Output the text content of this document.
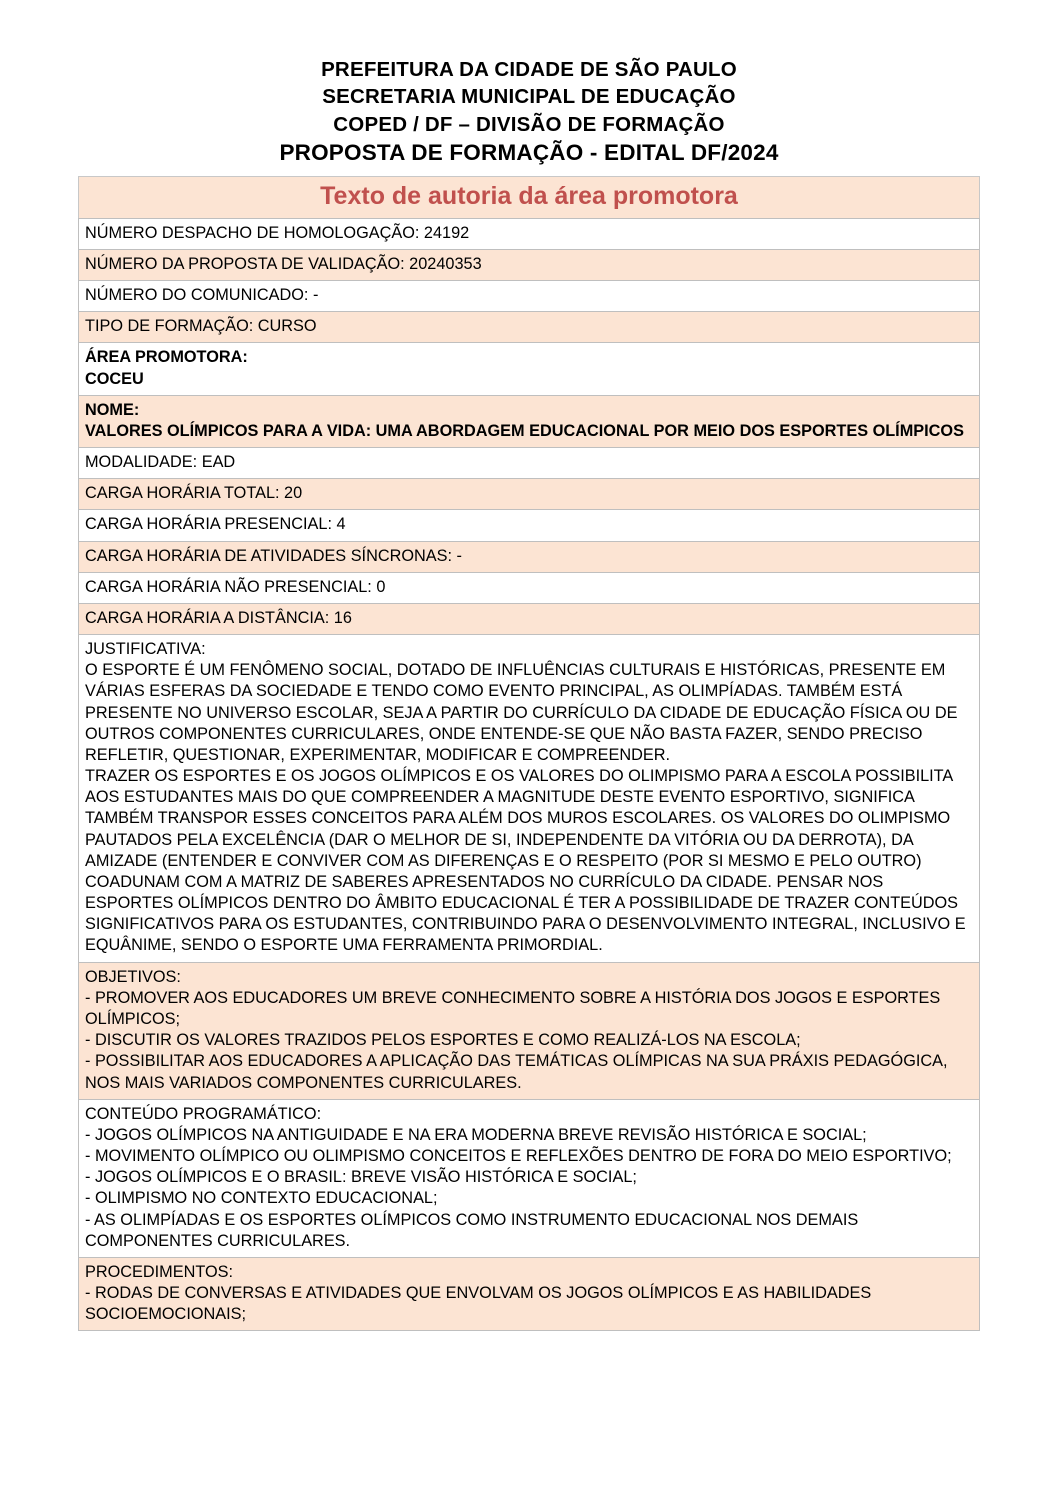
PREFEITURA DA CIDADE DE SÃO PAULO
SECRETARIA MUNICIPAL DE EDUCAÇÃO
COPED / DF – DIVISÃO DE FORMAÇÃO
PROPOSTA DE FORMAÇÃO - EDITAL DF/2024
Texto de autoria da área promotora
NÚMERO DESPACHO DE HOMOLOGAÇÃO: 24192
NÚMERO DA PROPOSTA DE VALIDAÇÃO: 20240353
NÚMERO DO COMUNICADO: -
TIPO DE FORMAÇÃO: CURSO

ÁREA PROMOTORA:
COCEU

NOME:
VALORES OLÍMPICOS PARA A VIDA: UMA ABORDAGEM EDUCACIONAL POR MEIO DOS ESPORTES OLÍMPICOS

MODALIDADE: EAD
CARGA HORÁRIA TOTAL: 20
CARGA HORÁRIA PRESENCIAL: 4
CARGA HORÁRIA DE ATIVIDADES SÍNCRONAS: -
CARGA HORÁRIA NÃO PRESENCIAL: 0
CARGA HORÁRIA A DISTÂNCIA: 16

JUSTIFICATIVA:
O ESPORTE É UM FENÔMENO SOCIAL, DOTADO DE INFLUÊNCIAS CULTURAIS E HISTÓRICAS, PRESENTE EM VÁRIAS ESFERAS DA SOCIEDADE E TENDO COMO EVENTO PRINCIPAL, AS OLIMPÍADAS. TAMBÉM ESTÁ PRESENTE NO UNIVERSO ESCOLAR, SEJA A PARTIR DO CURRÍCULO DA CIDADE DE EDUCAÇÃO FÍSICA OU DE OUTROS COMPONENTES CURRICULARES, ONDE ENTENDE-SE QUE NÃO BASTA FAZER, SENDO PRECISO REFLETIR, QUESTIONAR, EXPERIMENTAR, MODIFICAR E COMPREENDER.
TRAZER OS ESPORTES E OS JOGOS OLÍMPICOS E OS VALORES DO OLIMPISMO PARA A ESCOLA POSSIBILITA AOS ESTUDANTES MAIS DO QUE COMPREENDER A MAGNITUDE DESTE EVENTO ESPORTIVO, SIGNIFICA TAMBÉM TRANSPOR ESSES CONCEITOS PARA ALÉM DOS MUROS ESCOLARES. OS VALORES DO OLIMPISMO PAUTADOS PELA EXCELÊNCIA (DAR O MELHOR DE SI, INDEPENDENTE DA VITÓRIA OU DA DERROTA), DA AMIZADE (ENTENDER E CONVIVER COM AS DIFERENÇAS E O RESPEITO (POR SI MESMO E PELO OUTRO) COADUNAM COM A MATRIZ DE SABERES APRESENTADOS NO CURRÍCULO DA CIDADE. PENSAR NOS ESPORTES OLÍMPICOS DENTRO DO ÂMBITO EDUCACIONAL É TER A POSSIBILIDADE DE TRAZER CONTEÚDOS SIGNIFICATIVOS PARA OS ESTUDANTES, CONTRIBUINDO PARA O DESENVOLVIMENTO INTEGRAL, INCLUSIVO E EQUÂNIME, SENDO O ESPORTE UMA FERRAMENTA PRIMORDIAL.

OBJETIVOS:
- PROMOVER AOS EDUCADORES UM BREVE CONHECIMENTO SOBRE A HISTÓRIA DOS JOGOS E ESPORTES OLÍMPICOS;
- DISCUTIR OS VALORES TRAZIDOS PELOS ESPORTES E COMO REALIZÁ-LOS NA ESCOLA;
- POSSIBILITAR AOS EDUCADORES A APLICAÇÃO DAS TEMÁTICAS OLÍMPICAS NA SUA PRÁXIS PEDAGÓGICA, NOS MAIS VARIADOS COMPONENTES CURRICULARES.

CONTEÚDO PROGRAMÁTICO:
- JOGOS OLÍMPICOS NA ANTIGUIDADE E NA ERA MODERNA BREVE REVISÃO HISTÓRICA E SOCIAL;
- MOVIMENTO OLÍMPICO OU OLIMPISMO CONCEITOS E REFLEXÕES DENTRO DE FORA DO MEIO ESPORTIVO;
- JOGOS OLÍMPICOS E O BRASIL: BREVE VISÃO HISTÓRICA E SOCIAL;
- OLIMPISMO NO CONTEXTO EDUCACIONAL;
- AS OLIMPÍADAS E OS ESPORTES OLÍMPICOS COMO INSTRUMENTO EDUCACIONAL NOS DEMAIS COMPONENTES CURRICULARES.

PROCEDIMENTOS:
- RODAS DE CONVERSAS E ATIVIDADES QUE ENVOLVAM OS JOGOS OLÍMPICOS E AS HABILIDADES SOCIOEMOCIONAIS;
